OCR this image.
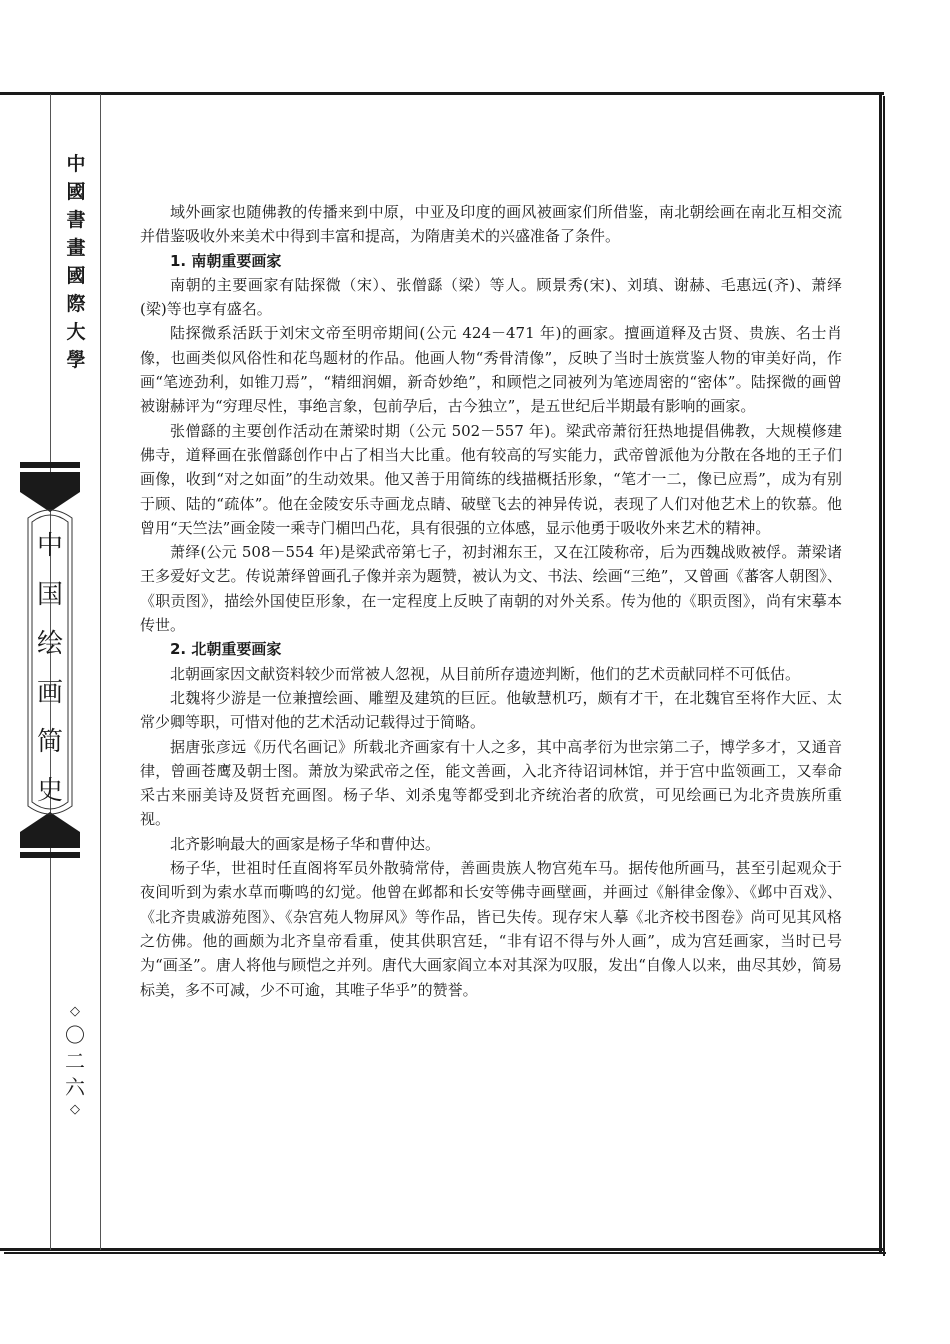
中
國
書
畫
國
際
大
學
中
国
绘
画
简
史
◇
〇
二
六
◇

域外画家也随佛教的传播来到中原，中亚及印度的画风被画家们所借鉴，南北朝绘画在南北互相交流并借鉴吸收外来美术中得到丰富和提高，为隋唐美术的兴盛准备了条件。

1. 南朝重要画家

南朝的主要画家有陆探微（宋）、张僧繇（梁）等人。顾景秀(宋)、刘瑱、谢赫、毛惠远(齐)、萧绎(梁)等也享有盛名。

陆探微系活跃于刘宋文帝至明帝期间(公元 424－471 年)的画家。擅画道释及古贤、贵族、名士肖像，也画类似风俗性和花鸟题材的作品。他画人物“秀骨清像”，反映了当时士族赏鉴人物的审美好尚，作画“笔迹劲利，如锥刀焉”，“精细润媚，新奇妙绝”，和顾恺之同被列为笔迹周密的“密体”。陆探微的画曾被谢赫评为“穷理尽性，事绝言象，包前孕后，古今独立”，是五世纪后半期最有影响的画家。

张僧繇的主要创作活动在萧梁时期（公元 502－557 年)。梁武帝萧衍狂热地提倡佛教，大规模修建佛寺，道释画在张僧繇创作中占了相当大比重。他有较高的写实能力，武帝曾派他为分散在各地的王子们画像，收到“对之如面”的生动效果。他又善于用简练的线描概括形象，“笔才一二，像已应焉”，成为有别于顾、陆的“疏体”。他在金陵安乐寺画龙点睛、破壁飞去的神异传说，表现了人们对他艺术上的钦慕。他曾用“天竺法”画金陵一乘寺门楣凹凸花，具有很强的立体感，显示他勇于吸收外来艺术的精神。

萧绎(公元 508－554 年)是梁武帝第七子，初封湘东王，又在江陵称帝，后为西魏战败被俘。萧梁诸王多爱好文艺。传说萧绎曾画孔子像并亲为题赞，被认为文、书法、绘画“三绝”，又曾画《蕃客人朝图》、《职贡图》，描绘外国使臣形象，在一定程度上反映了南朝的对外关系。传为他的《职贡图》，尚有宋摹本传世。

2. 北朝重要画家

北朝画家因文献资料较少而常被人忽视，从目前所存遗迹判断，他们的艺术贡献同样不可低估。

北魏将少游是一位兼擅绘画、雕塑及建筑的巨匠。他敏慧机巧，颇有才干，在北魏官至将作大匠、太常少卿等职，可惜对他的艺术活动记载得过于简略。

据唐张彦远《历代名画记》所载北齐画家有十人之多，其中高孝衍为世宗第二子，博学多才，又通音律，曾画苍鹰及朝士图。萧放为梁武帝之侄，能文善画，入北齐待诏词林馆，并于宫中监领画工，又奉命采古来丽美诗及贤哲充画图。杨子华、刘杀鬼等都受到北齐统治者的欣赏，可见绘画已为北齐贵族所重视。

北齐影响最大的画家是杨子华和曹仲达。

杨子华，世祖时任直阁将军员外散骑常侍，善画贵族人物宫苑车马。据传他所画马，甚至引起观众于夜间听到为索水草而嘶鸣的幻觉。他曾在邺都和长安等佛寺画壁画，并画过《斛律金像》、《邺中百戏》、《北齐贵戚游苑图》、《杂宫苑人物屏风》等作品，皆已失传。现存宋人摹《北齐校书图卷》尚可见其风格之仿佛。他的画颇为北齐皇帝看重，使其供职宫廷，“非有诏不得与外人画”，成为宫廷画家，当时已号为“画圣”。唐人将他与顾恺之并列。唐代大画家阎立本对其深为叹服，发出“自像人以来，曲尽其妙，简易标美，多不可减，少不可逾，其唯子华乎”的赞誉。
